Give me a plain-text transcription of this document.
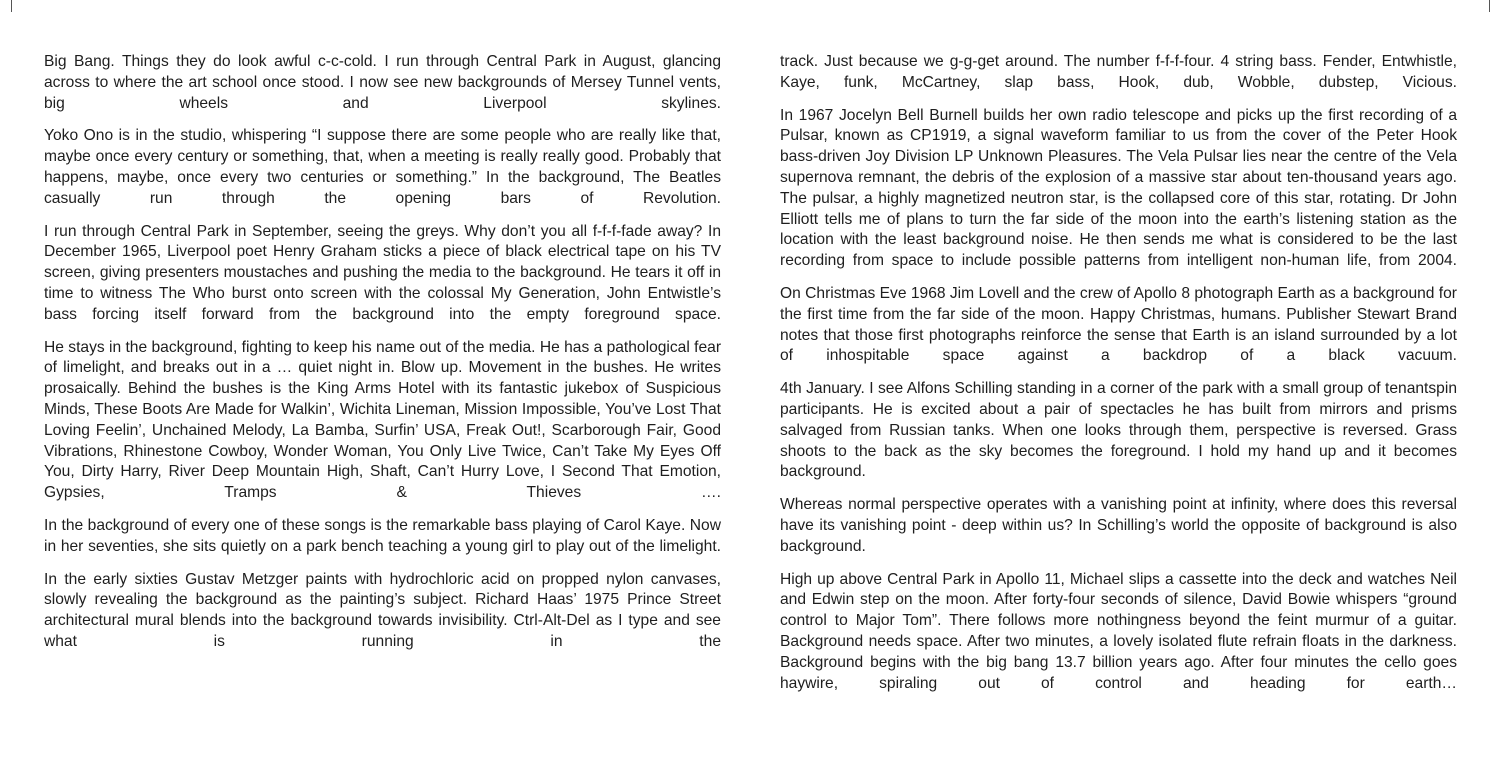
Big Bang. Things they do look awful c-c-cold. I run through Central Park in August, glancing across to where the art school once stood. I now see new backgrounds of Mersey Tunnel vents, big wheels and Liverpool skylines.

Yoko Ono is in the studio, whispering “I suppose there are some people who are really like that, maybe once every century or something, that, when a meeting is really really good. Probably that happens, maybe, once every two centuries or something.” In the background, The Beatles casually run through the opening bars of Revolution.

I run through Central Park in September, seeing the greys. Why don’t you all f-f-f-fade away? In December 1965, Liverpool poet Henry Graham sticks a piece of black electrical tape on his TV screen, giving presenters moustaches and pushing the media to the background. He tears it off in time to witness The Who burst onto screen with the colossal My Generation, John Entwistle’s bass forcing itself forward from the background into the empty foreground space.

He stays in the background, fighting to keep his name out of the media. He has a pathological fear of limelight, and breaks out in a … quiet night in. Blow up. Movement in the bushes. He writes prosaically. Behind the bushes is the King Arms Hotel with its fantastic jukebox of Suspicious Minds, These Boots Are Made for Walkin’, Wichita Lineman, Mission Impossible, You’ve Lost That Loving Feelin’, Unchained Melody, La Bamba, Surfin’ USA, Freak Out!, Scarborough Fair, Good Vibrations, Rhinestone Cowboy, Wonder Woman, You Only Live Twice, Can’t Take My Eyes Off You, Dirty Harry, River Deep Mountain High, Shaft, Can’t Hurry Love, I Second That Emotion, Gypsies, Tramps & Thieves ….

In the background of every one of these songs is the remarkable bass playing of Carol Kaye. Now in her seventies, she sits quietly on a park bench teaching a young girl to play out of the limelight.

In the early sixties Gustav Metzger paints with hydrochloric acid on propped nylon canvases, slowly revealing the background as the painting’s subject. Richard Haas’ 1975 Prince Street architectural mural blends into the background towards invisibility. Ctrl-Alt-Del as I type and see what is running in the

track. Just because we g-g-get around. The number f-f-f-four. 4 string bass. Fender, Entwhistle, Kaye, funk, McCartney, slap bass, Hook, dub, Wobble, dubstep, Vicious.

In 1967 Jocelyn Bell Burnell builds her own radio telescope and picks up the first recording of a Pulsar, known as CP1919, a signal waveform familiar to us from the cover of the Peter Hook bass-driven Joy Division LP Unknown Pleasures. The Vela Pulsar lies near the centre of the Vela supernova remnant, the debris of the explosion of a massive star about ten-thousand years ago. The pulsar, a highly magnetized neutron star, is the collapsed core of this star, rotating. Dr John Elliott tells me of plans to turn the far side of the moon into the earth’s listening station as the location with the least background noise. He then sends me what is considered to be the last recording from space to include possible patterns from intelligent non-human life, from 2004.

On Christmas Eve 1968 Jim Lovell and the crew of Apollo 8 photograph Earth as a background for the first time from the far side of the moon. Happy Christmas, humans. Publisher Stewart Brand notes that those first photographs reinforce the sense that Earth is an island surrounded by a lot of inhospitable space against a backdrop of a black vacuum.

4th January. I see Alfons Schilling standing in a corner of the park with a small group of tenantspin participants. He is excited about a pair of spectacles he has built from mirrors and prisms salvaged from Russian tanks. When one looks through them, perspective is reversed. Grass shoots to the back as the sky becomes the foreground. I hold my hand up and it becomes background.

Whereas normal perspective operates with a vanishing point at infinity, where does this reversal have its vanishing point - deep within us? In Schilling’s world the opposite of background is also background.

High up above Central Park in Apollo 11, Michael slips a cassette into the deck and watches Neil and Edwin step on the moon. After forty-four seconds of silence, David Bowie whispers “ground control to Major Tom”. There follows more nothingness beyond the feint murmur of a guitar. Background needs space. After two minutes, a lovely isolated flute refrain floats in the darkness. Background begins with the big bang 13.7 billion years ago. After four minutes the cello goes haywire, spiraling out of control and heading for earth…
